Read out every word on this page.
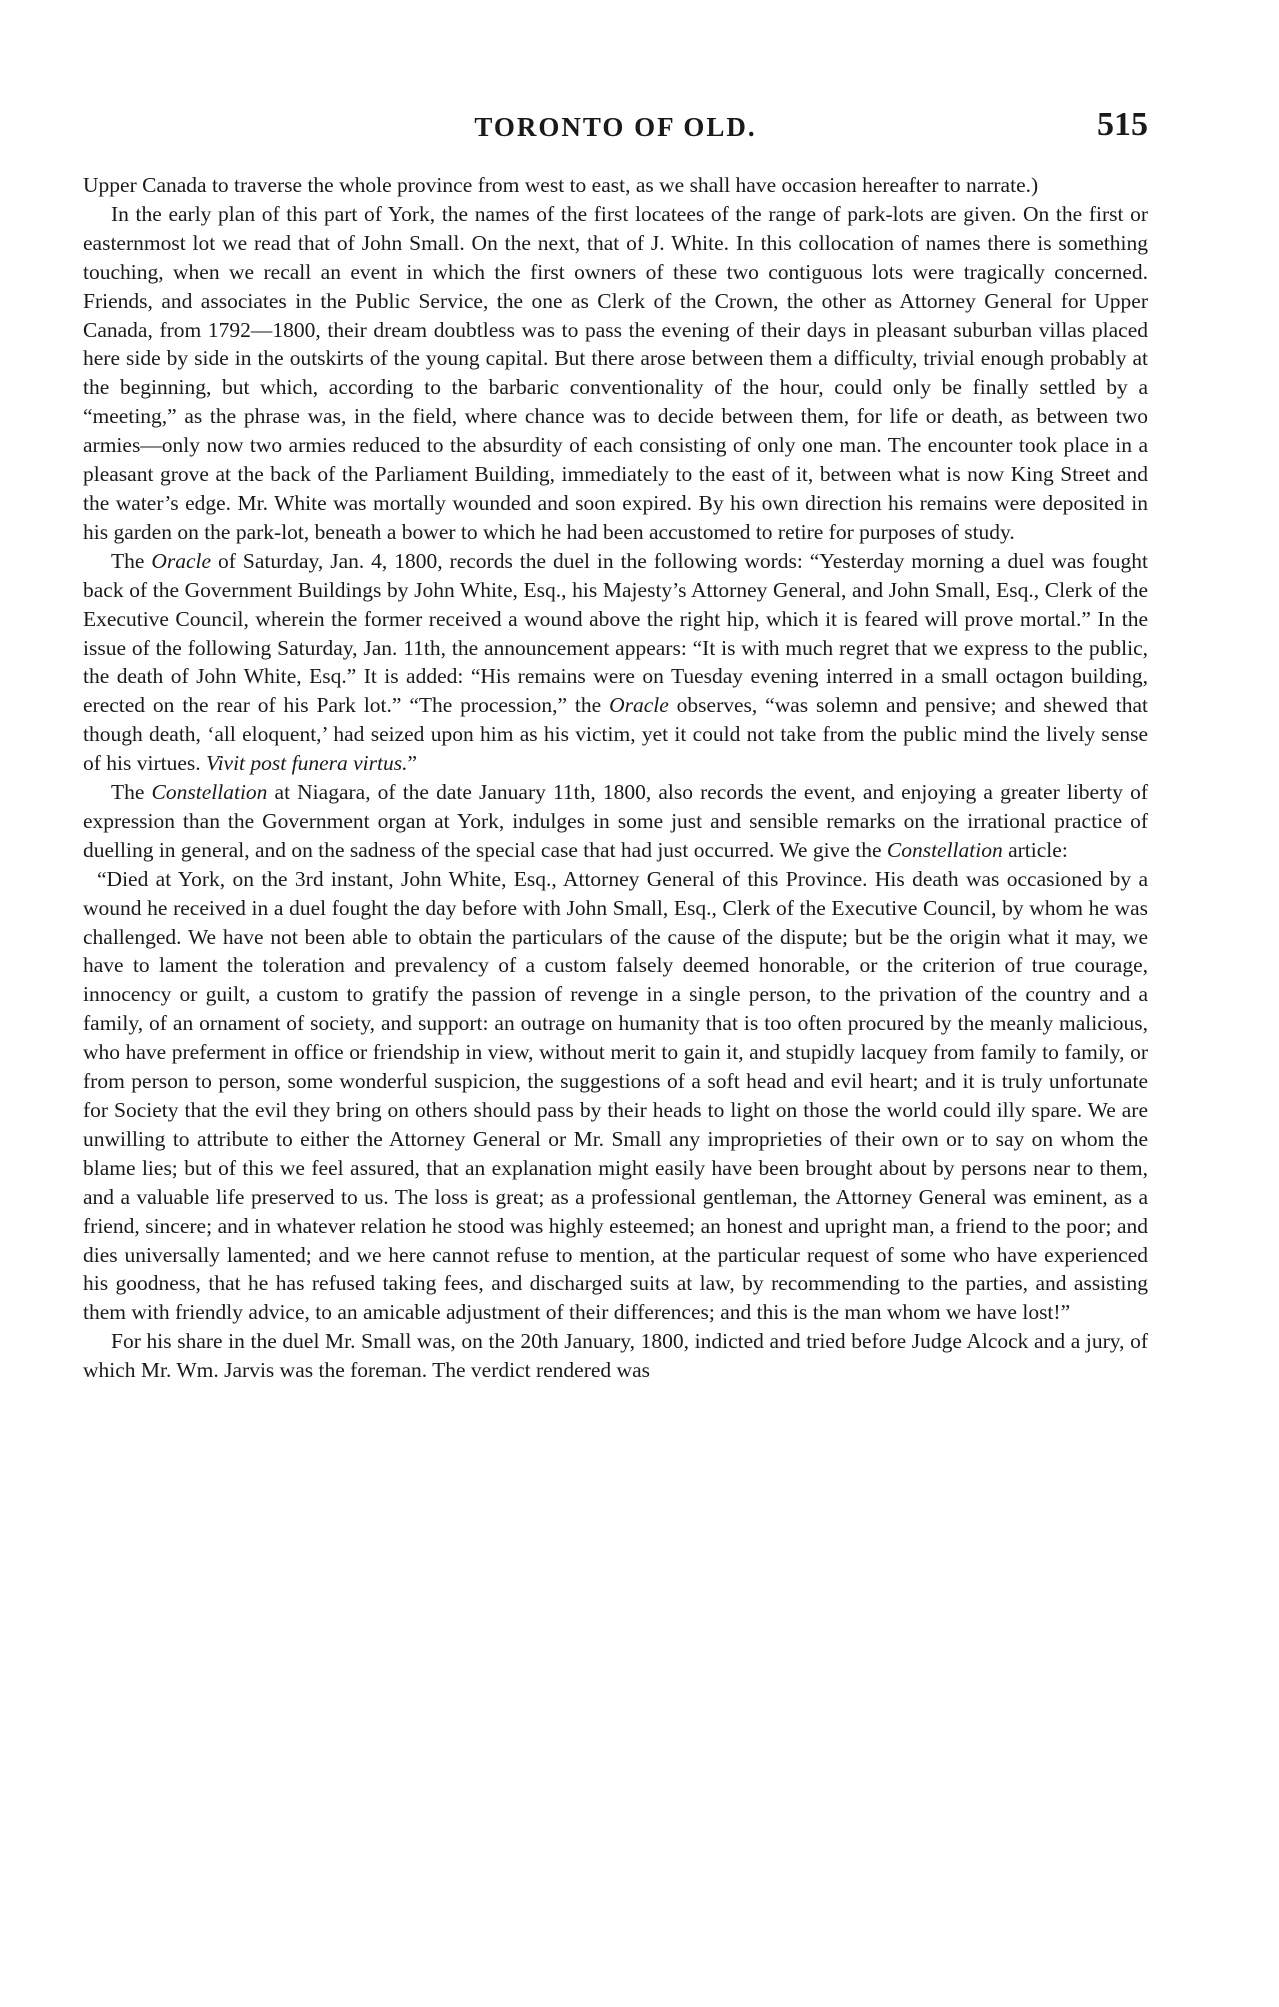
TORONTO OF OLD.	515

Upper Canada to traverse the whole province from west to east, as we shall have occasion hereafter to narrate.)

In the early plan of this part of York, the names of the first locatees of the range of park-lots are given. On the first or easternmost lot we read that of John Small. On the next, that of J. White. In this collocation of names there is something touching, when we recall an event in which the first owners of these two contiguous lots were tragically concerned. Friends, and associates in the Public Service, the one as Clerk of the Crown, the other as Attorney General for Upper Canada, from 1792—1800, their dream doubtless was to pass the evening of their days in pleasant suburban villas placed here side by side in the outskirts of the young capital. But there arose between them a difficulty, trivial enough probably at the beginning, but which, according to the barbaric conventionality of the hour, could only be finally settled by a “meeting,” as the phrase was, in the field, where chance was to decide between them, for life or death, as between two armies—only now two armies reduced to the absurdity of each consisting of only one man. The encounter took place in a pleasant grove at the back of the Parliament Building, immediately to the east of it, between what is now King Street and the water’s edge. Mr. White was mortally wounded and soon expired. By his own direction his remains were deposited in his garden on the park-lot, beneath a bower to which he had been accustomed to retire for purposes of study.

The Oracle of Saturday, Jan. 4, 1800, records the duel in the following words: “Yesterday morning a duel was fought back of the Government Buildings by John White, Esq., his Majesty’s Attorney General, and John Small, Esq., Clerk of the Executive Council, wherein the former received a wound above the right hip, which it is feared will prove mortal.” In the issue of the following Saturday, Jan. 11th, the announcement appears: “It is with much regret that we express to the public, the death of John White, Esq.” It is added: “His remains were on Tuesday evening interred in a small octagon building, erected on the rear of his Park lot.” “The procession,” the Oracle observes, “was solemn and pensive; and shewed that though death, ‘all eloquent,’ had seized upon him as his victim, yet it could not take from the public mind the lively sense of his virtues. Vivit post funera virtus.”

The Constellation at Niagara, of the date January 11th, 1800, also records the event, and enjoying a greater liberty of expression than the Government organ at York, indulges in some just and sensible remarks on the irrational practice of duelling in general, and on the sadness of the special case that had just occurred. We give the Constellation article:

“Died at York, on the 3rd instant, John White, Esq., Attorney General of this Province. His death was occasioned by a wound he received in a duel fought the day before with John Small, Esq., Clerk of the Executive Council, by whom he was challenged. We have not been able to obtain the particulars of the cause of the dispute; but be the origin what it may, we have to lament the toleration and prevalency of a custom falsely deemed honorable, or the criterion of true courage, innocency or guilt, a custom to gratify the passion of revenge in a single person, to the privation of the country and a family, of an ornament of society, and support: an outrage on humanity that is too often procured by the meanly malicious, who have preferment in office or friendship in view, without merit to gain it, and stupidly lacquey from family to family, or from person to person, some wonderful suspicion, the suggestions of a soft head and evil heart; and it is truly unfortunate for Society that the evil they bring on others should pass by their heads to light on those the world could illy spare. We are unwilling to attribute to either the Attorney General or Mr. Small any improprieties of their own or to say on whom the blame lies; but of this we feel assured, that an explanation might easily have been brought about by persons near to them, and a valuable life preserved to us. The loss is great; as a professional gentleman, the Attorney General was eminent, as a friend, sincere; and in whatever relation he stood was highly esteemed; an honest and upright man, a friend to the poor; and dies universally lamented; and we here cannot refuse to mention, at the particular request of some who have experienced his goodness, that he has refused taking fees, and discharged suits at law, by recommending to the parties, and assisting them with friendly advice, to an amicable adjustment of their differences; and this is the man whom we have lost!”

For his share in the duel Mr. Small was, on the 20th January, 1800, indicted and tried before Judge Alcock and a jury, of which Mr. Wm. Jarvis was the foreman. The verdict rendered was
